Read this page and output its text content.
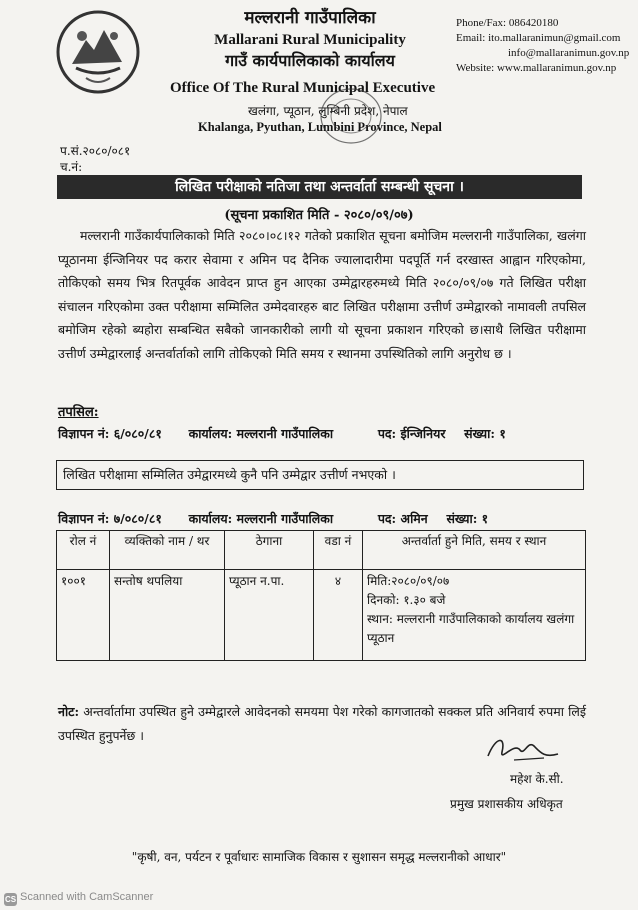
मल्लरानी गाउँपालिका
Mallarani Rural Municipality
गाउँ कार्यपालिकाको कार्यालय
Office Of The Rural Municipal Executive
खलंगा, प्यूठान, लुम्बिनी प्रदेश, नेपाल
Khalanga, Pyuthan, Lumbini Province, Nepal
Phone/Fax: 086420180
Email: ito.mallaranimun@gmail.com
info@mallaranimun.gov.np
Website: www.mallaranimun.gov.np
प.सं.२०८०/०८१
च.नं:
लिखित परीक्षाको नतिजा तथा अन्तर्वार्ता सम्बन्धी सूचना ।
(सूचना प्रकाशित मिति - २०८०/०९/०७)
मल्लरानी गाउँकार्यपालिकाको मिति २०८०।०८।१२ गतेको प्रकाशित सूचना बमोजिम मल्लरानी गाउँपालिका, खलंगा प्यूठानमा ईन्जिनियर पद करार सेवामा र अमिन पद दैनिक ज्यालादारीमा पदपूर्ति गर्न दरखास्त आह्वान गरिएकोमा, तोकिएको समय भित्र रितपूर्वक आवेदन प्राप्त हुन आएका उम्मेद्वारहरुमध्ये मिति २०८०/०९/०७ गते लिखित परीक्षा संचालन गरिएकोमा उक्त परीक्षामा सम्मिलित उम्मेदवारहरु बाट लिखित परीक्षामा उत्तीर्ण उम्मेद्वारको नामावली तपसिल बमोजिम रहेको ब्यहोरा सम्बन्धित सबैको जानकारीको लागी यो सूचना प्रकाशन गरिएको छ।साथै लिखित परीक्षामा उत्तीर्ण उम्मेद्वारलाई अन्तर्वार्ताको लागि तोकिएको मिति समय र स्थानमा उपस्थितिको लागि अनुरोध छ ।
तपसिल:
विज्ञापन नं: ६/०८०/८१ कार्यालय: मल्लरानी गाउँपालिका	पद: ईन्जिनियर संख्या: १
लिखित परीक्षामा सम्मिलित उमेद्वारमध्ये कुनै पनि उम्मेद्वार उत्तीर्ण नभएको ।
विज्ञापन नं: ७/०८०/८१ कार्यालय: मल्लरानी गाउँपालिका	पद: अमिन संख्या: १
रोल नं	व्यक्तिको नाम / थर	ठेगाना	वडा नं	अन्तर्वार्ता हुने मिति, समय र स्थान
१००१	सन्तोष थपलिया	प्यूठान न.पा.	४	मिति:२०८०/०९/०७
दिनको: १.३० बजे
स्थान: मल्लरानी गाउँपालिकाको कार्यालय खलंगा प्यूठान
नोट: अन्तर्वार्तामा उपस्थित हुने उम्मेद्वारले आवेदनको समयमा पेश गरेको कागजातको सक्कल प्रति अनिवार्य रुपमा लिई उपस्थित हुनुपर्नेछ ।
महेश के.सी.
प्रमुख प्रशासकीय अधिकृत
"कृषी, वन, पर्यटन र पूर्वाधारः सामाजिक विकास र सुशासन समृद्ध मल्लरानीको आधार"
CS Scanned with CamScanner
